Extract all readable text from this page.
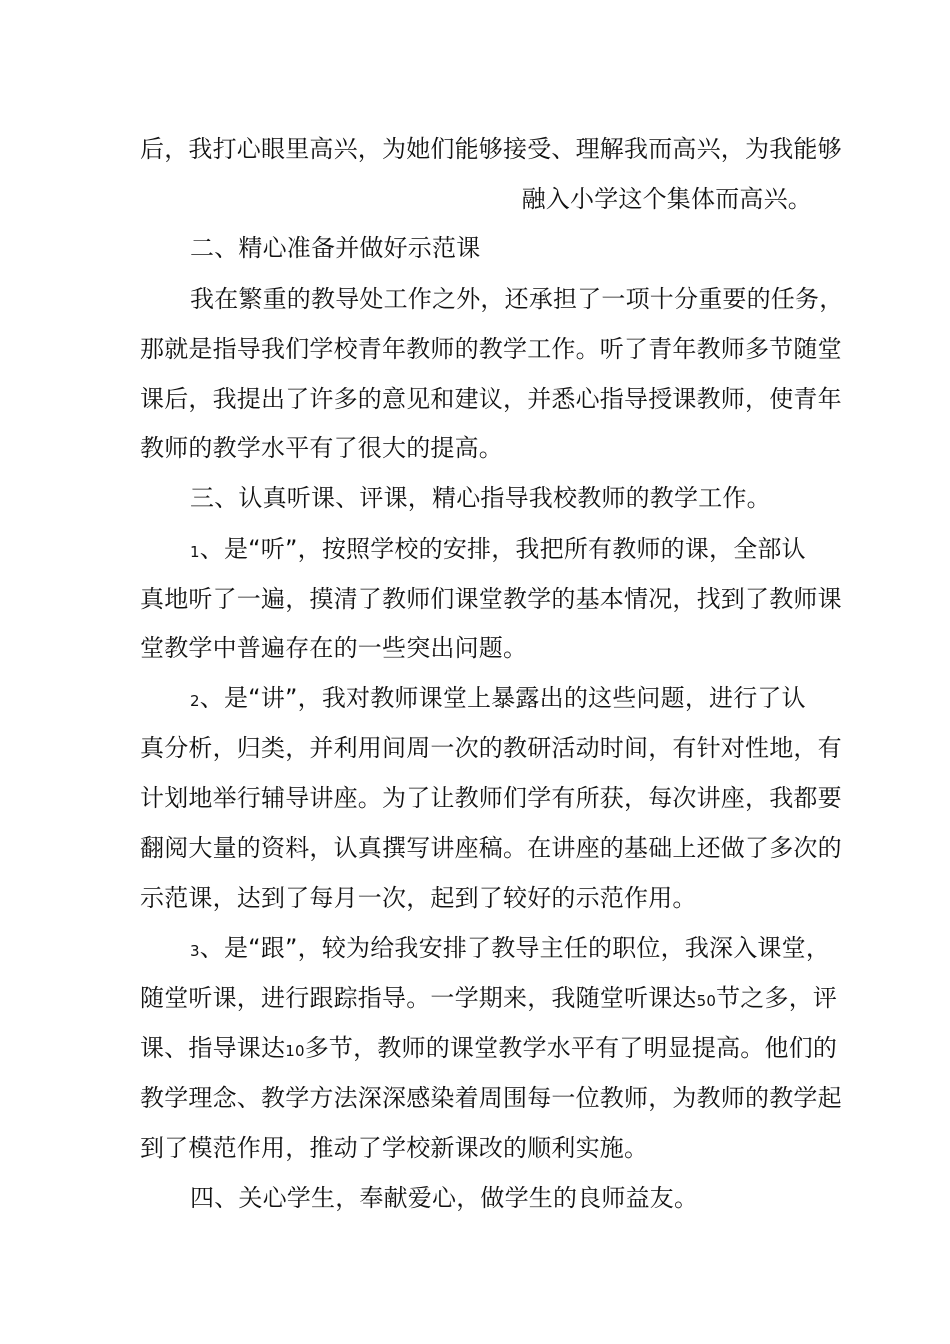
后，我打心眼里高兴，为她们能够接受、理解我而高兴，为我能够
融入小学这个集体而高兴。
二、精心准备并做好示范课
我在繁重的教导处工作之外，还承担了一项十分重要的任务，
那就是指导我们学校青年教师的教学工作。听了青年教师多节随堂
课后，我提出了许多的意见和建议，并悉心指导授课教师，使青年
教师的教学水平有了很大的提高。
三、认真听课、评课，精心指导我校教师的教学工作。
1、是“听”，按照学校的安排，我把所有教师的课，全部认
真地听了一遍，摸清了教师们课堂教学的基本情况，找到了教师课
堂教学中普遍存在的一些突出问题。
2、是“讲”，我对教师课堂上暴露出的这些问题，进行了认
真分析，归类，并利用间周一次的教研活动时间，有针对性地，有
计划地举行辅导讲座。为了让教师们学有所获，每次讲座，我都要
翻阅大量的资料，认真撰写讲座稿。在讲座的基础上还做了多次的
示范课，达到了每月一次，起到了较好的示范作用。
3、是“跟”，较为给我安排了教导主任的职位，我深入课堂，
随堂听课，进行跟踪指导。一学期来，我随堂听课达50节之多，评
课、指导课达10多节，教师的课堂教学水平有了明显提高。他们的
教学理念、教学方法深深感染着周围每一位教师，为教师的教学起
到了模范作用，推动了学校新课改的顺利实施。
四、关心学生，奉献爱心，做学生的良师益友。
